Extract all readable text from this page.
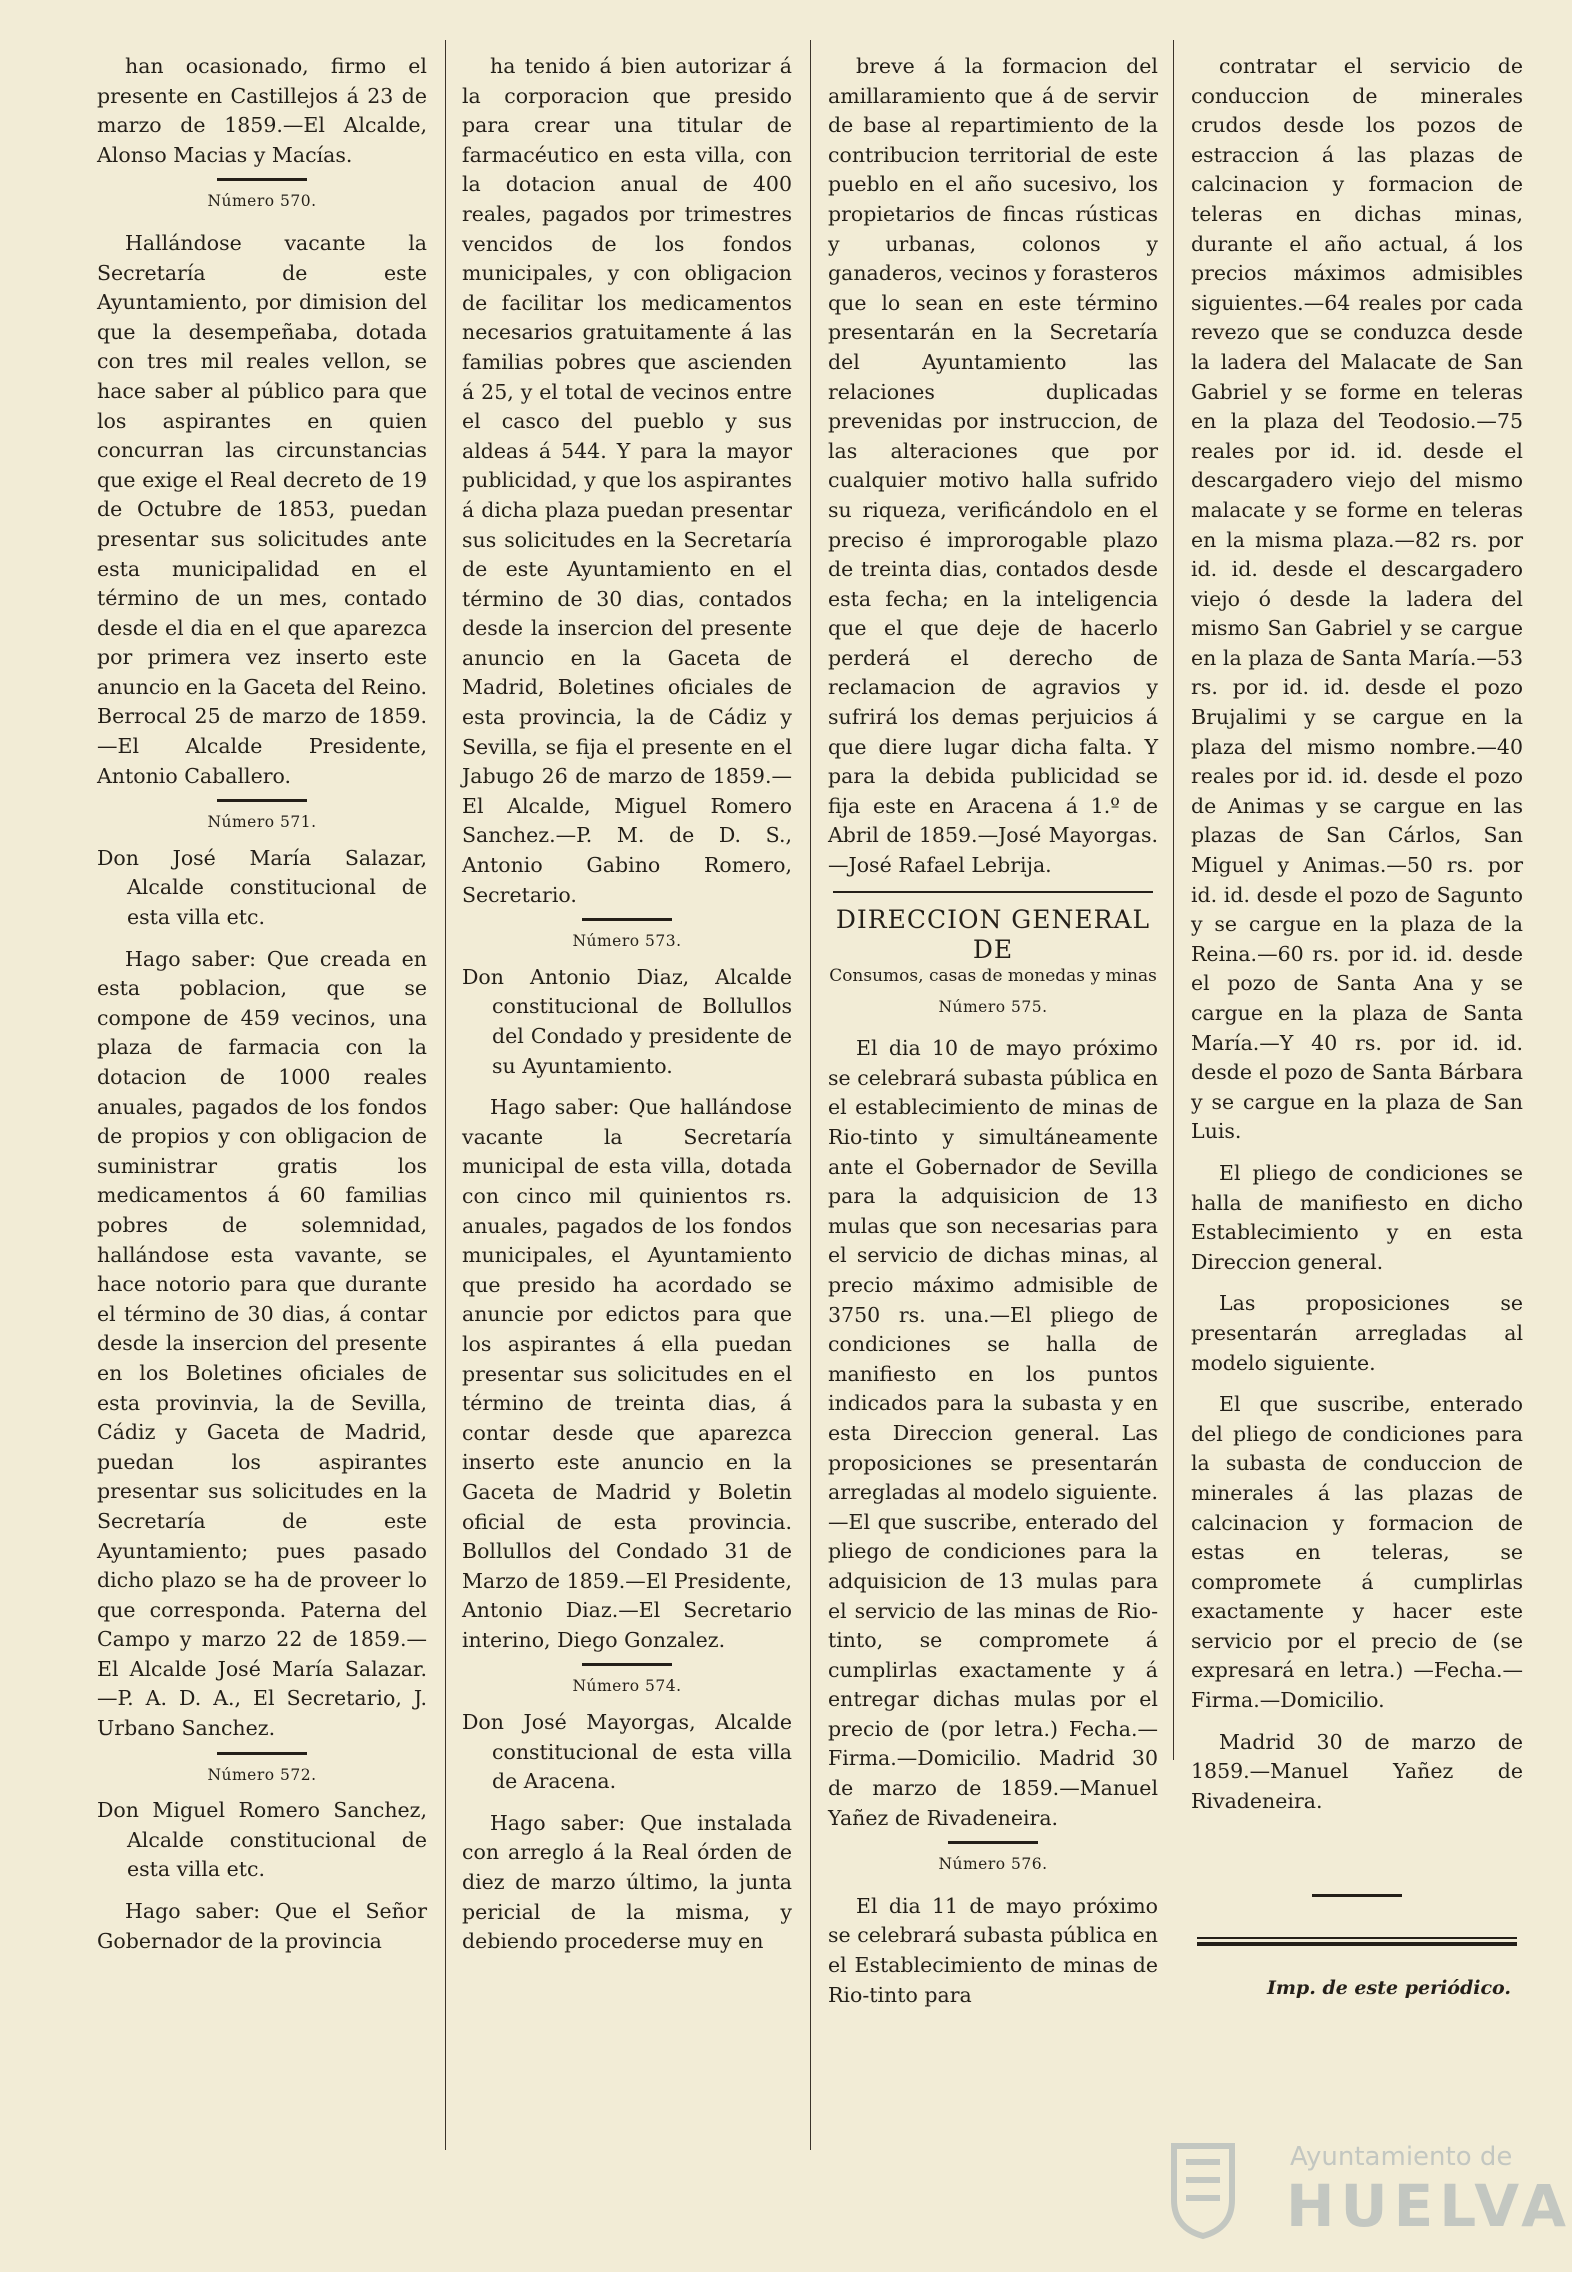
han ocasionado, firmo el presente en Castillejos á 23 de marzo de 1859.—El Alcalde, Alonso Macias y Macías.

Número 570.

Hallándose vacante la Secretaría de este Ayuntamiento, por dimision del que la desempeñaba, dotada con tres mil reales vellon, se hace saber al público para que los aspirantes en quien concurran las circunstancias que exige el Real decreto de 19 de Octubre de 1853, puedan presentar sus solicitudes ante esta municipalidad en el término de un mes, contado desde el dia en el que aparezca por primera vez inserto este anuncio en la Gaceta del Reino. Berrocal 25 de marzo de 1859.—El Alcalde Presidente, Antonio Caballero.

Número 571.

Don José María Salazar, Alcalde constitucional de esta villa etc.

Hago saber: Que creada en esta poblacion, que se compone de 459 vecinos, una plaza de farmacia con la dotacion de 1000 reales anuales, pagados de los fondos de propios y con obligacion de suministrar gratis los medicamentos á 60 familias pobres de solemnidad, hallándose esta vavante, se hace notorio para que durante el término de 30 dias, á contar desde la insercion del presente en los Boletines oficiales de esta provinvia, la de Sevilla, Cádiz y Gaceta de Madrid, puedan los aspirantes presentar sus solicitudes en la Secretaría de este Ayuntamiento; pues pasado dicho plazo se ha de proveer lo que corresponda. Paterna del Campo y marzo 22 de 1859.—El Alcalde José María Salazar.—P. A. D. A., El Secretario, J. Urbano Sanchez.

Número 572.

Don Miguel Romero Sanchez, Alcalde constitucional de esta villa etc.

Hago saber: Que el Señor Gobernador de la provincia

ha tenido á bien autorizar á la corporacion que presido para crear una titular de farmacéutico en esta villa, con la dotacion anual de 400 reales, pagados por trimestres vencidos de los fondos municipales, y con obligacion de facilitar los medicamentos necesarios gratuitamente á las familias pobres que ascienden á 25, y el total de vecinos entre el casco del pueblo y sus aldeas á 544. Y para la mayor publicidad, y que los aspirantes á dicha plaza puedan presentar sus solicitudes en la Secretaría de este Ayuntamiento en el término de 30 dias, contados desde la insercion del presente anuncio en la Gaceta de Madrid, Boletines oficiales de esta provincia, la de Cádiz y Sevilla, se fija el presente en el Jabugo 26 de marzo de 1859.—El Alcalde, Miguel Romero Sanchez.—P. M. de D. S., Antonio Gabino Romero, Secretario.

Número 573.

Don Antonio Diaz, Alcalde constitucional de Bollullos del Condado y presidente de su Ayuntamiento.

Hago saber: Que hallándose vacante la Secretaría municipal de esta villa, dotada con cinco mil quinientos rs. anuales, pagados de los fondos municipales, el Ayuntamiento que presido ha acordado se anuncie por edictos para que los aspirantes á ella puedan presentar sus solicitudes en el término de treinta dias, á contar desde que aparezca inserto este anuncio en la Gaceta de Madrid y Boletin oficial de esta provincia. Bollullos del Condado 31 de Marzo de 1859.—El Presidente, Antonio Diaz.—El Secretario interino, Diego Gonzalez.

Número 574.

Don José Mayorgas, Alcalde constitucional de esta villa de Aracena.

Hago saber: Que instalada con arreglo á la Real órden de diez de marzo último, la junta pericial de la misma, y debiendo procederse muy en

breve á la formacion del amillaramiento que á de servir de base al repartimiento de la contribucion territorial de este pueblo en el año sucesivo, los propietarios de fincas rústicas y urbanas, colonos y ganaderos, vecinos y forasteros que lo sean en este término presentarán en la Secretaría del Ayuntamiento las relaciones duplicadas prevenidas por instruccion, de las alteraciones que por cualquier motivo halla sufrido su riqueza, verificándolo en el preciso é improrogable plazo de treinta dias, contados desde esta fecha; en la inteligencia que el que deje de hacerlo perderá el derecho de reclamacion de agravios y sufrirá los demas perjuicios á que diere lugar dicha falta. Y para la debida publicidad se fija este en Aracena á 1.º de Abril de 1859.—José Mayorgas.—José Rafael Lebrija.

DIRECCION GENERAL DE
Consumos, casas de monedas y minas
Número 575.

El dia 10 de mayo próximo se celebrará subasta pública en el establecimiento de minas de Rio-tinto y simultáneamente ante el Gobernador de Sevilla para la adquisicion de 13 mulas que son necesarias para el servicio de dichas minas, al precio máximo admisible de 3750 rs. una.—El pliego de condiciones se halla de manifiesto en los puntos indicados para la subasta y en esta Direccion general. Las proposiciones se presentarán arregladas al modelo siguiente.—El que suscribe, enterado del pliego de condiciones para la adquisicion de 13 mulas para el servicio de las minas de Rio-tinto, se compromete á cumplirlas exactamente y á entregar dichas mulas por el precio de (por letra.) Fecha.—Firma.—Domicilio. Madrid 30 de marzo de 1859.—Manuel Yañez de Rivadeneira.

Número 576.

El dia 11 de mayo próximo se celebrará subasta pública en el Establecimiento de minas de Rio-tinto para

contratar el servicio de conduccion de minerales crudos desde los pozos de estraccion á las plazas de calcinacion y formacion de teleras en dichas minas, durante el año actual, á los precios máximos admisibles siguientes.—64 reales por cada revezo que se conduzca desde la ladera del Malacate de San Gabriel y se forme en teleras en la plaza del Teodosio.—75 reales por id. id. desde el descargadero viejo del mismo malacate y se forme en teleras en la misma plaza.—82 rs. por id. id. desde el descargadero viejo ó desde la ladera del mismo San Gabriel y se cargue en la plaza de Santa María.—53 rs. por id. id. desde el pozo Brujalimi y se cargue en la plaza del mismo nombre.—40 reales por id. id. desde el pozo de Animas y se cargue en las plazas de San Cárlos, San Miguel y Animas.—50 rs. por id. id. desde el pozo de Sagunto y se cargue en la plaza de la Reina.—60 rs. por id. id. desde el pozo de Santa Ana y se cargue en la plaza de Santa María.—Y 40 rs. por id. id. desde el pozo de Santa Bárbara y se cargue en la plaza de San Luis.

El pliego de condiciones se halla de manifiesto en dicho Establecimiento y en esta Direccion general.

Las proposiciones se presentarán arregladas al modelo siguiente.

El que suscribe, enterado del pliego de condiciones para la subasta de conduccion de minerales á las plazas de calcinacion y formacion de estas en teleras, se compromete á cumplirlas exactamente y hacer este servicio por el precio de (se expresará en letra.) —Fecha.—Firma.—Domicilio.

Madrid 30 de marzo de 1859.—Manuel Yañez de Rivadeneira.

Imp. de este periódico.
Ayuntamiento de
HUELVA
